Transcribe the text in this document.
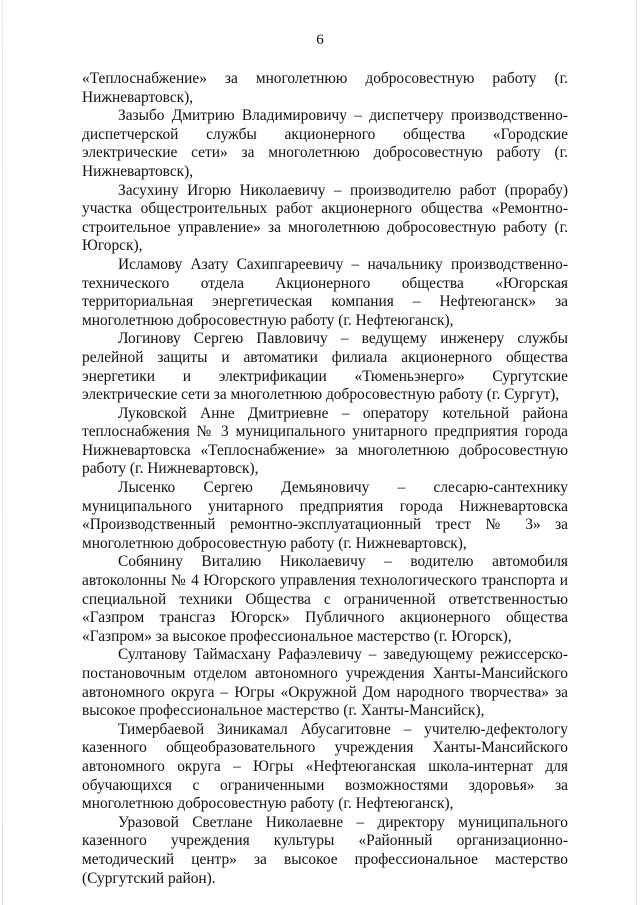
6

«Теплоснабжение» за многолетнюю добросовестную работу (г. Нижневартовск),

Зазыбо Дмитрию Владимировичу – диспетчеру производственно-диспетчерской службы акционерного общества «Городские электрические сети» за многолетнюю добросовестную работу (г. Нижневартовск),

Засухину Игорю Николаевичу – производителю работ (прорабу) участка общестроительных работ акционерного общества «Ремонтно-строительное управление» за многолетнюю добросовестную работу (г. Югорск),

Исламову Азату Сахипгареевичу – начальнику производственно-технического отдела Акционерного общества «Югорская территориальная энергетическая компания – Нефтеюганск» за многолетнюю добросовестную работу (г. Нефтеюганск),

Логинову Сергею Павловичу – ведущему инженеру службы релейной защиты и автоматики филиала акционерного общества энергетики и электрификации «Тюменьэнерго» Сургутские электрические сети за многолетнюю добросовестную работу (г. Сургут),

Луковской Анне Дмитриевне – оператору котельной района теплоснабжения № 3 муниципального унитарного предприятия города Нижневартовска «Теплоснабжение» за многолетнюю добросовестную работу (г. Нижневартовск),

Лысенко Сергею Демьяновичу – слесарю-сантехнику муниципального унитарного предприятия города Нижневартовска «Производственный ремонтно-эксплуатационный трест № 3» за многолетнюю добросовестную работу (г. Нижневартовск),

Собянину Виталию Николаевичу – водителю автомобиля автоколонны № 4 Югорского управления технологического транспорта и специальной техники Общества с ограниченной ответственностью «Газпром трансгаз Югорск» Публичного акционерного общества «Газпром» за высокое профессиональное мастерство (г. Югорск),

Султанову Таймасхану Рафаэлевичу – заведующему режиссерско-постановочным отделом автономного учреждения Ханты-Мансийского автономного округа – Югры «Окружной Дом народного творчества» за высокое профессиональное мастерство (г. Ханты-Мансийск),

Тимербаевой Зиникамал Абусагитовне – учителю-дефектологу казенного общеобразовательного учреждения Ханты-Мансийского автономного округа – Югры «Нефтеюганская школа-интернат для обучающихся с ограниченными возможностями здоровья» за многолетнюю добросовестную работу (г. Нефтеюганск),

Уразовой Светлане Николаевне – директору муниципального казенного учреждения культуры «Районный организационно-методический центр» за высокое профессиональное мастерство (Сургутский район).
